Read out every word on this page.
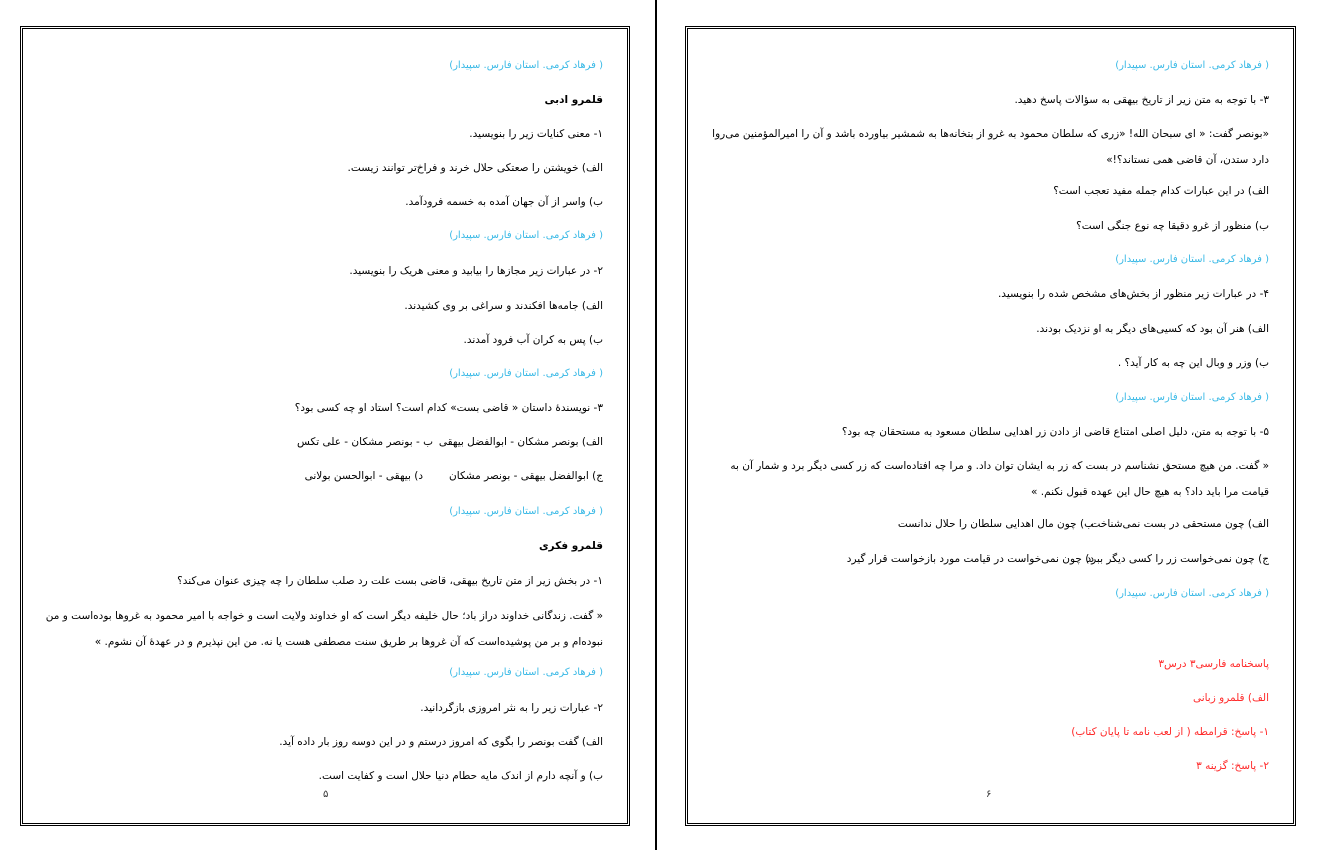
( فرهاد کرمی. استان فارس. سپیدار)
قلمرو ادبی
۱- معنی کنایات زیر را بنویسید.
الف) خویشتن را صعتکی حلال خرند و فراخ‌تر توانند زیست.
ب) واسر از آن جهان آمده به خسمه فرودآمد.
( فرهاد کرمی. استان فارس. سپیدار)
۲- در عبارات زیر مجازها را بیابید و معنی هریک را بنویسید.
الف) جامه‌ها افکندند و سراغی بر وی کشیدند.
ب) پس به کران آب فرود آمدند.
( فرهاد کرمی. استان فارس. سپیدار)
۳- نویسندهٔ داستان « قاضی بست» کدام است؟ استاد او چه کسی بود؟
الف) بونصر مشکان - ابوالفضل بیهقی
ب - بونصر مشکان - علی تکس
ج) ابوالفضل بیهقی - بونصر مشکان
د) بیهقی - ابوالحسن بولانی
( فرهاد کرمی. استان فارس. سپیدار)
قلمرو فکری
۱- در بخش زیر از متن تاریخ بیهقی، قاضی بست علت رد صلب سلطان را چه چیزی عنوان می‌کند؟
« گفت. زندگانی خداوند دراز باد؛ حال خلیفه دیگر است که او خداوند ولایت است و خواجه با امیر محمود به غروها بوده‌است و من نبوده‌ام و بر من پوشیده‌است که آن غروها بر طریق سنت مصطفی هست یا نه. من این نپذیرم و در عهدهٔ آن نشوم. »
( فرهاد کرمی. استان فارس. سپیدار)
۲- عبارات زیر را به نثر امروزی بازگردانید.
الف) گفت بونصر را بگوی که امروز درستم و در این دوسه روز بار داده آید.
ب) و آنچه دارم از اندک مایه حطام دنیا حلال است و کفایت است.
۵
( فرهاد کرمی. استان فارس. سپیدار)
۳- با توجه به متن زیر از تاریخ بیهقی به سؤالات پاسخ دهید.
«بونصر گفت: « ای سبحان الله! «زری که سلطان محمود به غرو از بتخانه‌ها به شمشیر بیاورده باشد و آن را امیرالمؤمنین می‌روا دارد ستدن، آن قاضی همی نستاند؟!»
الف) در این عبارات کدام جمله مفید تعجب است؟
ب) منظور از غرو دقیقا چه نوع جنگی است؟
( فرهاد کرمی. استان فارس. سپیدار)
۴- در عبارات زیر منظور از بخش‌های مشخص شده را بنویسید.
الف) هنر آن بود که کسیی‌های دیگر به او نزدیک بودند.
ب) وزر و وبال این چه به کار آید؟ .
( فرهاد کرمی. استان فارس. سپیدار)
۵- با توجه به متن، دلیل اصلی امتناع قاضی از دادن زر اهدایی سلطان مسعود به مستحقان چه بود؟
« گفت. من هیچ مستحق نشناسم در بست که زر به ایشان توان داد. و مرا چه افتاده‌است که زر کسی دیگر برد و شمار آن به قیامت مرا باید داد؟ به هیچ حال این عهده قبول نکنم. »
الف) چون مستحقی در بست نمی‌شناخت
ب) چون مال اهدایی سلطان را حلال ندانست
ج) چون نمی‌خواست زر را کسی دیگر ببرد
د) چون نمی‌خواست در قیامت مورد بازخواست قرار گیرد
( فرهاد کرمی. استان فارس. سپیدار)
پاسخنامه فارسی۳ درس۳
الف) قلمرو زبانی
۱- پاسخ: قرامطه ( از لعب نامه تا پایان کتاب)
۲- پاسخ: گزینه ۳
۶
